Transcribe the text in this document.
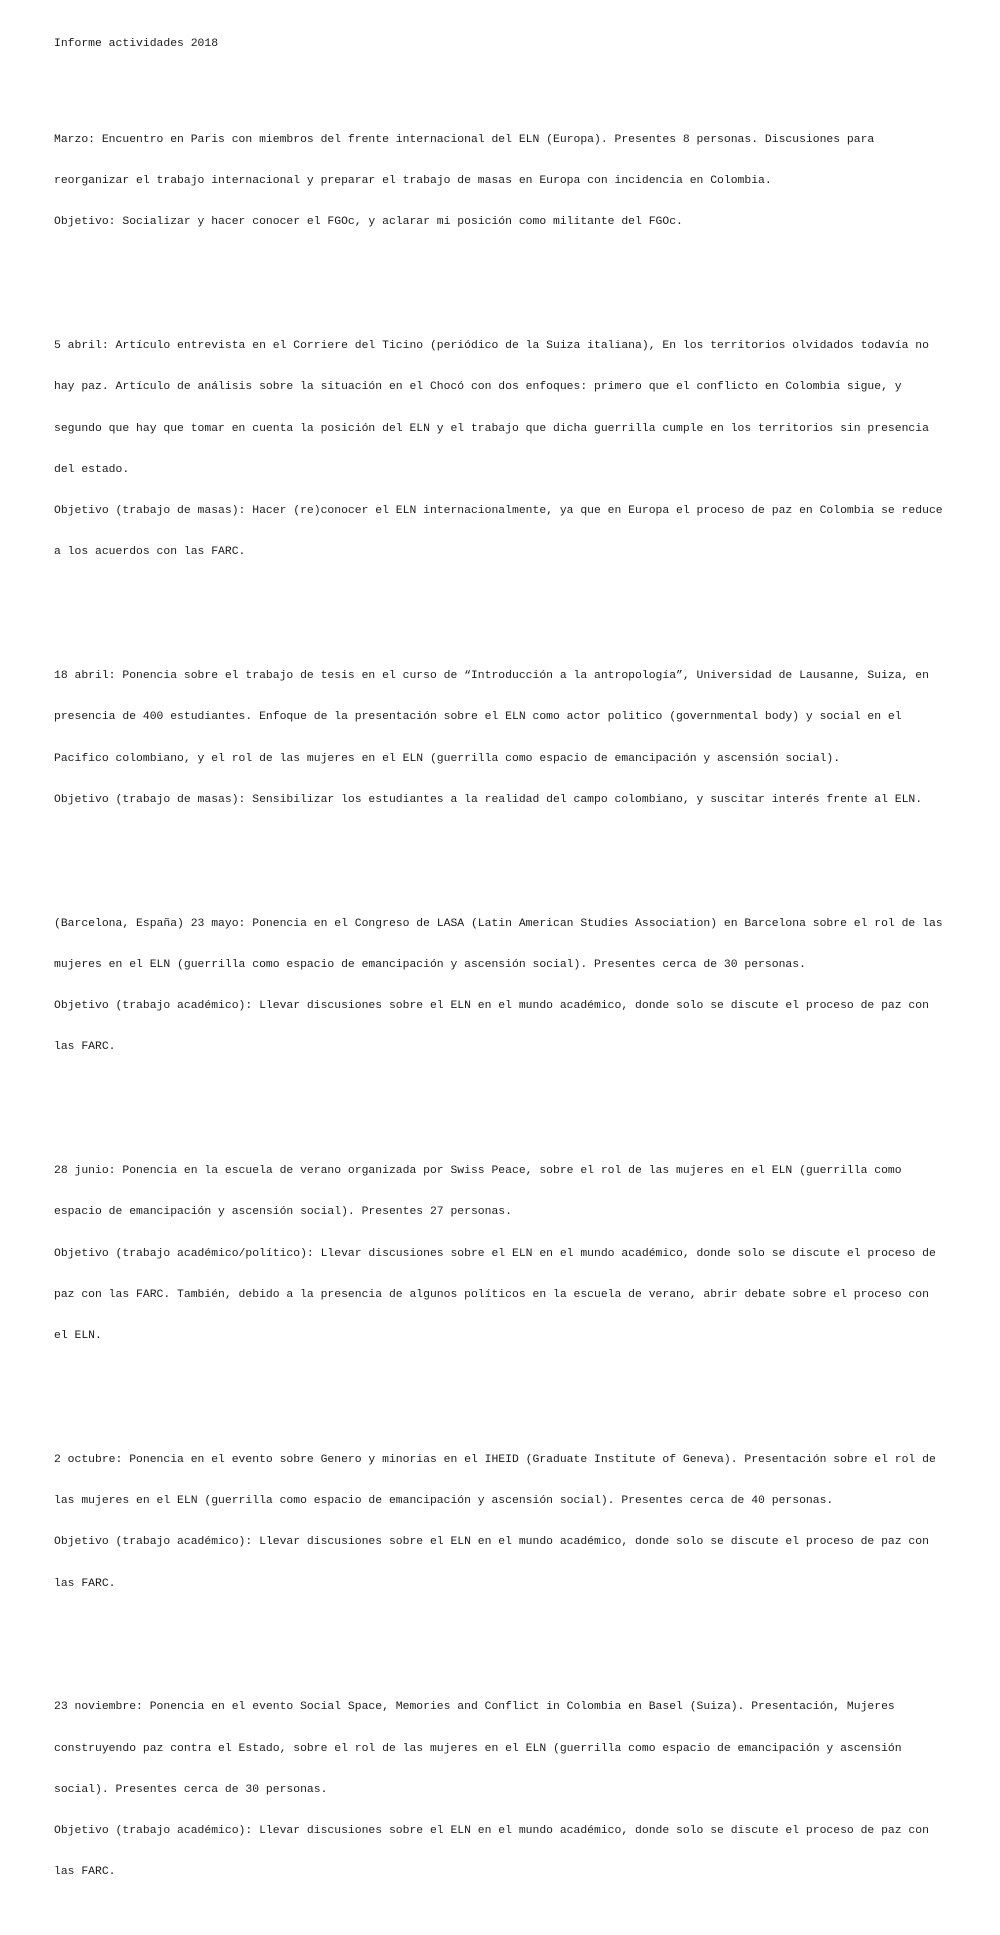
Informe actividades 2018

Marzo: Encuentro en Paris con miembros del frente internacional del ELN (Europa). Presentes 8 personas. Discusiones para

reorganizar el trabajo internacional y preparar el trabajo de masas en Europa con incidencia en Colombia.

Objetivo: Socializar y hacer conocer el FGOc, y aclarar mi posición como militante del FGOc.

5 abril: Artículo entrevista en el Corriere del Ticino (periódico de la Suiza italiana), En los territorios olvidados todavía no

hay paz. Artículo de análisis sobre la situación en el Chocó con dos enfoques: primero que el conflicto en Colombia sigue, y

segundo que hay que tomar en cuenta la posición del ELN y el trabajo que dicha guerrilla cumple en los territorios sin presencia

del estado.

Objetivo (trabajo de masas): Hacer (re)conocer el ELN internacionalmente, ya que en Europa el proceso de paz en Colombia se reduce

a los acuerdos con las FARC.

18 abril: Ponencia sobre el trabajo de tesis en el curso de “Introducción a la antropología”, Universidad de Lausanne, Suiza, en

presencia de 400 estudiantes. Enfoque de la presentación sobre el ELN como actor politico (governmental body) y social en el

Pacifico colombiano, y el rol de las mujeres en el ELN (guerrilla como espacio de emancipación y ascensión social).

Objetivo (trabajo de masas): Sensibilizar los estudiantes a la realidad del campo colombiano, y suscitar interés frente al ELN.

(Barcelona, España) 23 mayo: Ponencia en el Congreso de LASA (Latin American Studies Association) en Barcelona sobre el rol de las

mujeres en el ELN (guerrilla como espacio de emancipación y ascensión social). Presentes cerca de 30 personas.

Objetivo (trabajo académico): Llevar discusiones sobre el ELN en el mundo académico, donde solo se discute el proceso de paz con

las FARC.

28 junio: Ponencia en la escuela de verano organizada por Swiss Peace, sobre el rol de las mujeres en el ELN (guerrilla como

espacio de emancipación y ascensión social). Presentes 27 personas.

Objetivo (trabajo académico/político): Llevar discusiones sobre el ELN en el mundo académico, donde solo se discute el proceso de

paz con las FARC. También, debido a la presencia de algunos políticos en la escuela de verano, abrir debate sobre el proceso con

el ELN.

2 octubre: Ponencia en el evento sobre Genero y minorias en el IHEID (Graduate Institute of Geneva). Presentación sobre el rol de

las mujeres en el ELN (guerrilla como espacio de emancipación y ascensión social). Presentes cerca de 40 personas.

Objetivo (trabajo académico): Llevar discusiones sobre el ELN en el mundo académico, donde solo se discute el proceso de paz con

las FARC.

23 noviembre: Ponencia en el evento Social Space, Memories and Conflict in Colombia en Basel (Suiza). Presentación, Mujeres

construyendo paz contra el Estado, sobre el rol de las mujeres en el ELN (guerrilla como espacio de emancipación y ascensión

social). Presentes cerca de 30 personas.

Objetivo (trabajo académico): Llevar discusiones sobre el ELN en el mundo académico, donde solo se discute el proceso de paz con

las FARC.
